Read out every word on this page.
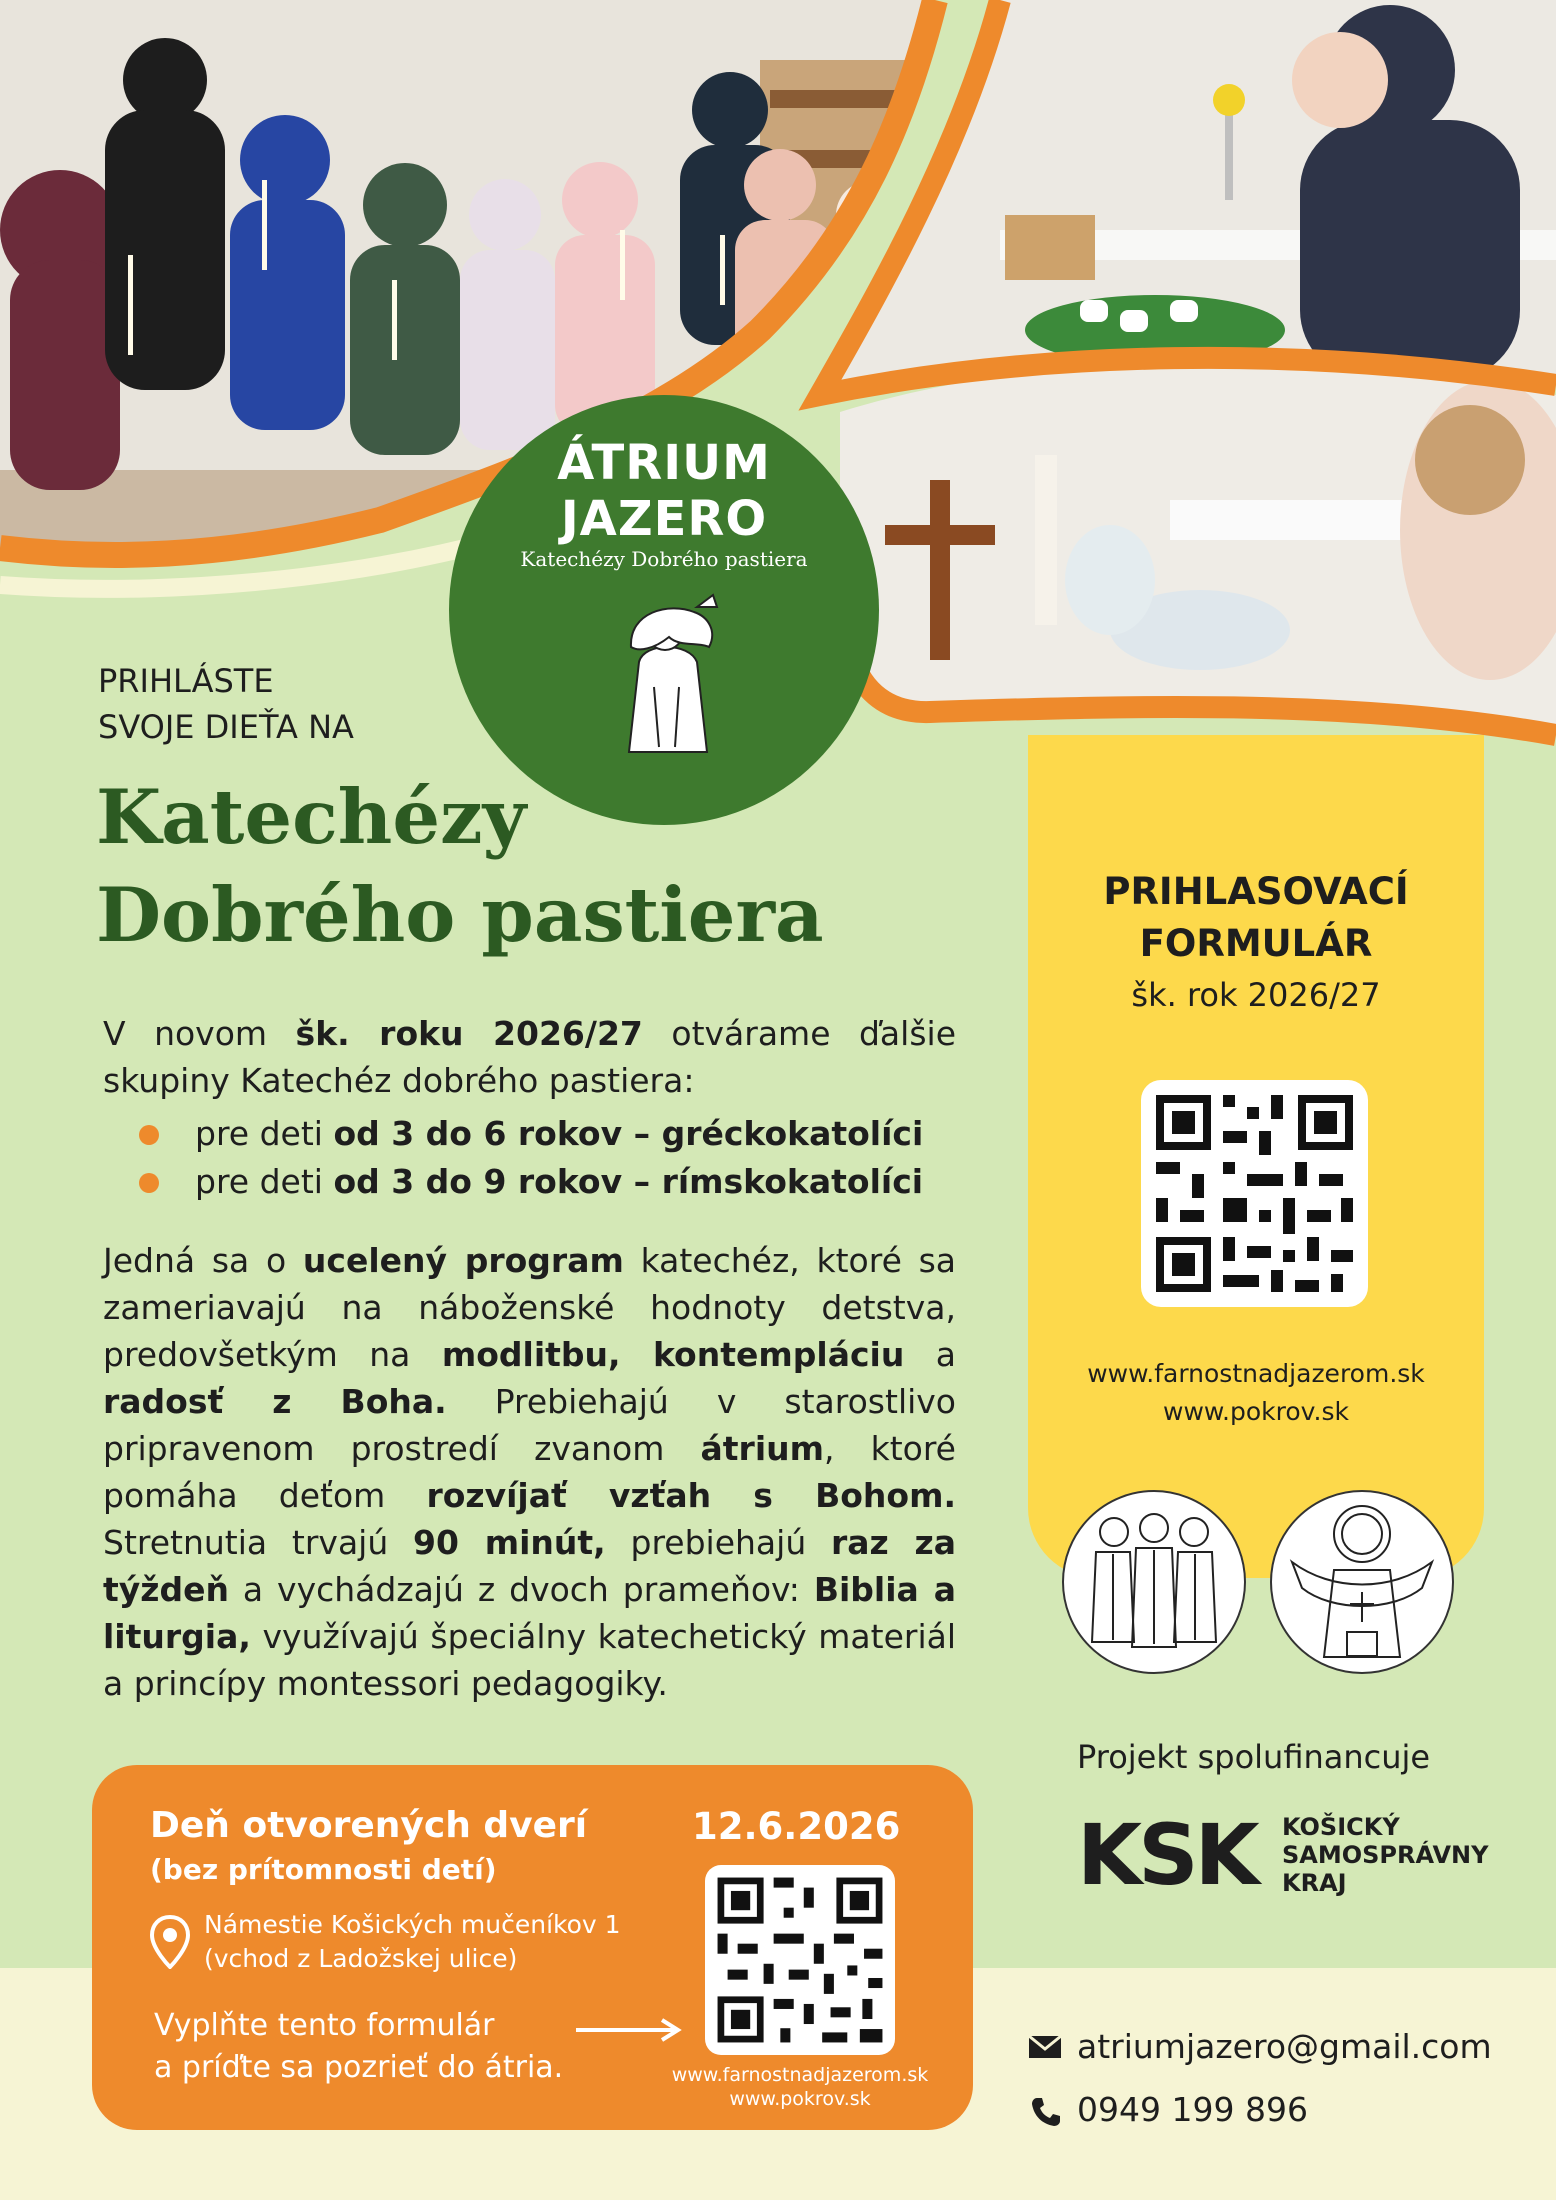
ÁTRIUM
JAZERO
Katechézy Dobrého pastiera
PRIHLÁSTE
SVOJE DIEŤA NA
Katechézy
Dobrého pastiera
V novom šk. roku 2026/27 otvárame ďalšie skupiny Katechéz dobrého pastiera:
pre deti od 3 do 6 rokov – gréckokatolíci
pre deti od 3 do 9 rokov – rímskokatolíci
Jedná sa o ucelený program katechéz, ktoré sa zameriavajú na náboženské hodnoty detstva, predovšetkým na modlitbu, kontempláciu a radosť z Boha. Prebiehajú v starostlivo pripravenom prostredí zvanom átrium, ktoré pomáha deťom rozvíjať vzťah s Bohom. Stretnutia trvajú 90 minút, prebiehajú raz za týždeň a vychádzajú z dvoch prameňov: Biblia a liturgia, využívajú špeciálny katechetický materiál a princípy montessori pedagogiky.
PRIHLASOVACÍ
FORMULÁR
šk. rok 2026/27
www.farnostnadjazerom.sk
www.pokrov.sk
Projekt spolufinancuje
KSK KOŠICKÝ
SAMOSPRÁVNY
KRAJ
Deň otvorených dverí
(bez prítomnosti detí)
12.6.2026
Námestie Košických mučeníkov 1
(vchod z Ladožskej ulice)
Vyplňte tento formulár
a príďte sa pozrieť do átria.	www.farnostnadjazerom.sk
www.pokrov.sk
atriumjazero@gmail.com
0949 199 896
